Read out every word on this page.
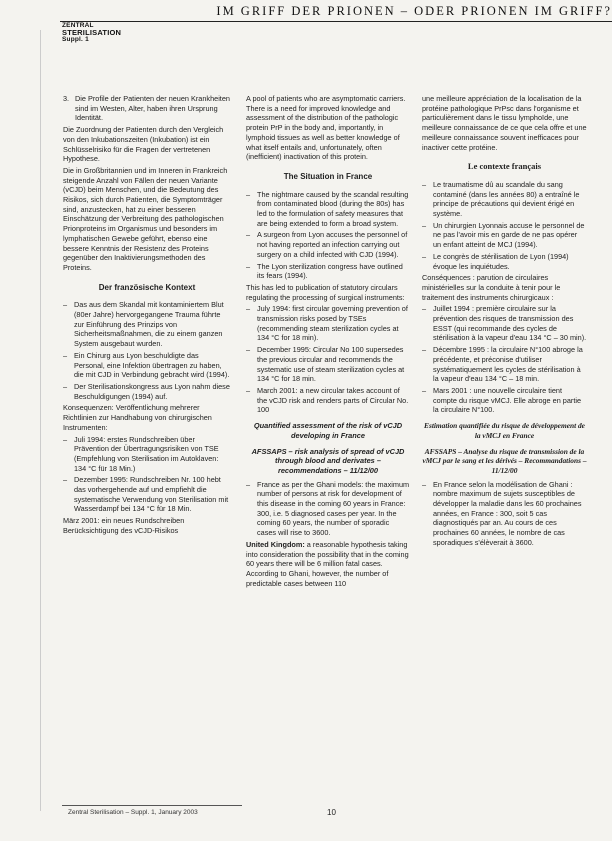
IM GRIFF DER PRIONEN – ODER PRIONEN IM GRIFF?
ZENTRAL
STERILISATION
Suppl. 1
3. Die Profile der Patienten der neuen Krankheiten sind im Westen, Alter, haben ihren Ursprung Identität.

Die Zuordnung der Patienten durch den Vergleich von den Inkubationszeiten (Inkubation) ist ein Schlüsselrisiko für die Fragen der vertretenen Hypothese.

Die in Großbritannien und im Inneren in Frankreich steigende Anzahl von Fällen der neuen Variante (vCJD) beim Menschen, und die Bedeutung des Risikos, sich durch Patienten, die Symptomträger sind, anzustecken, hat zu einer besseren Einschätzung der Verbreitung des pathologischen Prionproteins im Organismus und besonders im lymphatischen Gewebe geführt, ebenso eine bessere Kenntnis der Resistenz des Proteins gegenüber den Inaktivierungsmethoden des Proteins.

Der französische Kontext
– Das aus dem Skandal mit kontaminiertem Blut (80er Jahre) hervorgegangene Trauma führte zur Einführung des Prinzips von Sicherheitsmaßnahmen, die zu einem ganzen System ausgebaut wurden.
– Ein Chirurg aus Lyon beschuldigte das Personal, eine Infektion übertragen zu haben, die mit CJD in Verbindung gebracht wird (1994).
– Der Sterilisationskongress aus Lyon nahm diese Beschuldigungen (1994) auf.

Konsequenzen: Veröffentlichung mehrerer Richtlinien zur Handhabung von chirurgischen Instrumenten:

– Juli 1994: erstes Rundschreiben über Prävention der Übertragungsrisiken von TSE (Empfehlung von Sterilisation im Autoklaven: 134 °C für 18 Min.)
– Dezember 1995: Rundschreiben Nr. 100 hebt das vorhergehende auf und empfiehlt die systematische Verwendung von Sterilisation mit Wasserdampf bei 134 °C für 18 Min.

März 2001: ein neues Rundschreiben Berücksichtigung des vCJD-Risikos

A pool of patients who are asymptomatic carriers. There is a need for improved knowledge and assessment of the distribution of the pathologic protein PrP in the body and, importantly, in lymphoid tissues as well as better knowledge of what itself entails and, unfortunately, often (inefficient) inactivation of this protein.

The Situation in France
– The nightmare caused by the scandal resulting from contaminated blood (during the 80s) has led to the formulation of safety measures that are being extended to form a broad system.
– A surgeon from Lyon accuses the personnel of not having reported an infection carrying out surgery on a child infected with CJD (1994).
– The Lyon sterilization congress have outlined its fears (1994).

This has led to publication of statutory circulars regulating the processing of surgical instruments:

– July 1994: first circular governing prevention of transmission risks posed by TSEs (recommending steam sterilization cycles at 134 °C for 18 min).
– December 1995: Circular No 100 supersedes the previous circular and recommends the systematic use of steam sterilization cycles at 134 °C for 18 min.
– March 2001: a new circular takes account of the vCJD risk and renders parts of Circular No. 100
Quantified assessment of the risk of vCJD developing in France
AFSSAPS – risk analysis of spread of vCJD through blood and derivates – recommendations – 11/12/00
– France as per the Ghani models: the maximum number of persons at risk for development of this disease in the coming 60 years in France: 300, i.e. 5 diagnosed cases per year. In the coming 60 years, the number of sporadic cases will rise to 3600.

United Kingdom: a reasonable hypothesis taking into consideration the possibility that in the coming 60 years there will be 6 million fatal cases. According to Ghani, however, the number of predictable cases between 110

une meilleure appréciation de la localisation de la protéine pathologique PrPsc dans l'organisme et particulièrement dans le tissu lymphoïde, une meilleure connaissance de ce que cela offre et une meilleure connaissance souvent inefficaces pour inactiver cette protéine.

Le contexte français
– Le traumatisme dû au scandale du sang contaminé (dans les années 80) a entraîné le principe de précautions qui devient érigé en système.
– Un chirurgien Lyonnais accuse le personnel de ne pas l'avoir mis en garde de ne pas opérer un enfant atteint de MCJ (1994).
– Le congrès de stérilisation de Lyon (1994) évoque les inquiétudes.

Conséquences : parution de circulaires ministérielles sur la conduite à tenir pour le traitement des instruments chirurgicaux :

– Juillet 1994 : première circulaire sur la prévention des risques de transmission des ESST (qui recommande des cycles de stérilisation à la vapeur d'eau 134 °C – 30 min).
– Décembre 1995 : la circulaire N°100 abroge la précédente, et préconise d'utiliser systématiquement les cycles de stérilisation à la vapeur d'eau 134 °C – 18 min.
– Mars 2001 : une nouvelle circulaire tient compte du risque vMCJ. Elle abroge en partie la circulaire N°100.
Estimation quantifiée du risque de développement de la vMCJ en France
AFSSAPS – Analyse du risque de transmission de la vMCJ par le sang et les dérivés – Recommandations – 11/12/00
– En France selon la modélisation de Ghani : nombre maximum de sujets susceptibles de développer la maladie dans les 60 prochaines années, en France : 300, soit 5 cas diagnostiqués par an. Au cours de ces prochaines 60 années, le nombre de cas sporadiques s'élèverait à 3600.
Zentral Sterilisation – Suppl. 1, January 2003	10
